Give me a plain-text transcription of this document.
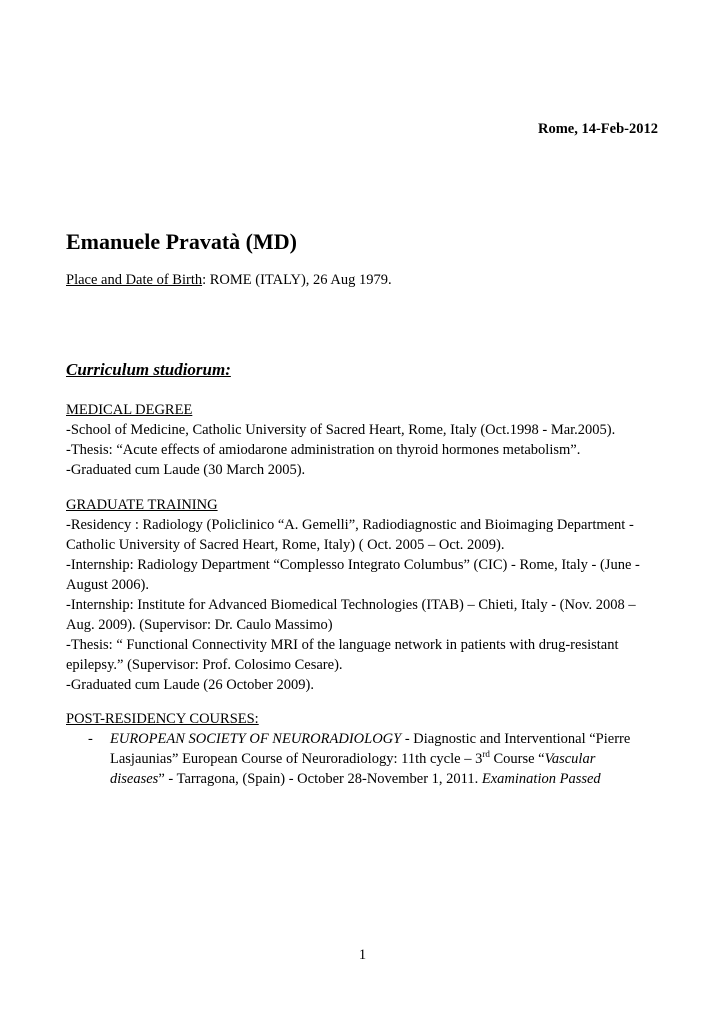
Rome, 14-Feb-2012
Emanuele Pravatà (MD)
Place and Date of Birth: ROME (ITALY), 26 Aug 1979.
Curriculum studiorum:
MEDICAL DEGREE
-School of Medicine, Catholic University of Sacred Heart, Rome, Italy (Oct.1998 - Mar.2005).
-Thesis: “Acute effects of amiodarone administration on thyroid hormones metabolism”.
-Graduated cum Laude (30 March 2005).
GRADUATE TRAINING
-Residency : Radiology (Policlinico “A. Gemelli”, Radiodiagnostic and Bioimaging Department -
Catholic University of Sacred Heart, Rome, Italy) ( Oct. 2005 – Oct. 2009).
-Internship: Radiology Department “Complesso Integrato Columbus” (CIC) - Rome, Italy - (June -
August 2006).
-Internship: Institute for Advanced Biomedical Technologies (ITAB) – Chieti, Italy - (Nov. 2008 –
Aug. 2009). (Supervisor: Dr. Caulo Massimo)
-Thesis: “ Functional Connectivity MRI of the language network in patients with drug-resistant
epilepsy.” (Supervisor: Prof. Colosimo Cesare).
-Graduated cum Laude (26 October 2009).
POST-RESIDENCY COURSES:
- EUROPEAN SOCIETY OF NEURORADIOLOGY - Diagnostic and Interventional “Pierre
Lasjaunias” European Course of Neuroradiology: 11th cycle – 3rd Course “Vascular
diseases” - Tarragona, (Spain) - October 28-November 1, 2011. Examination Passed
1
